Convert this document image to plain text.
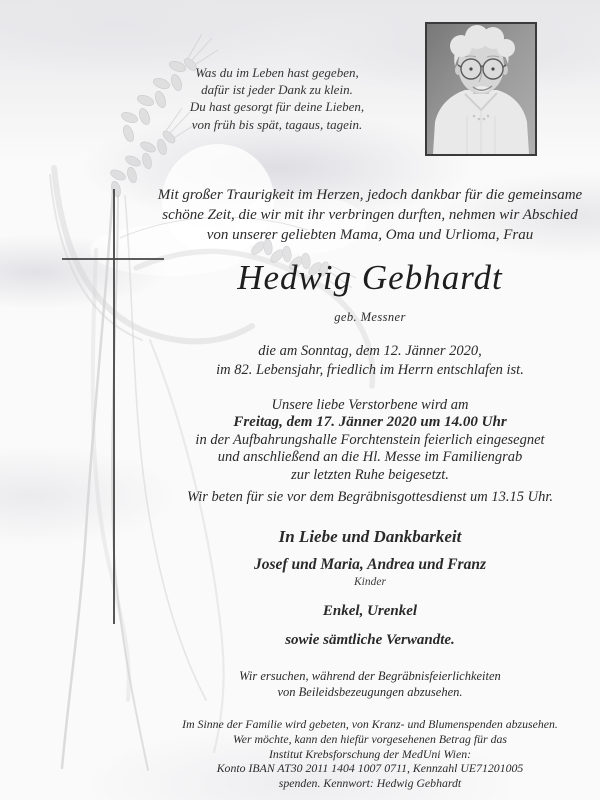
Was du im Leben hast gegeben,
dafür ist jeder Dank zu klein.
Du hast gesorgt für deine Lieben,
von früh bis spät, tagaus, tagein.
Mit großer Traurigkeit im Herzen, jedoch dankbar für die gemeinsame
schöne Zeit, die wir mit ihr verbringen durften, nehmen wir Abschied
von unserer geliebten Mama, Oma und Urlioma, Frau
Hedwig Gebhardt
geb. Messner
die am Sonntag, dem 12. Jänner 2020,
im 82. Lebensjahr, friedlich im Herrn entschlafen ist.
Unsere liebe Verstorbene wird am
Freitag, dem 17. Jänner 2020 um 14.00 Uhr
in der Aufbahrungshalle Forchtenstein feierlich eingesegnet
und anschließend an die Hl. Messe im Familiengrab
zur letzten Ruhe beigesetzt.
Wir beten für sie vor dem Begräbnisgottesdienst um 13.15 Uhr.
In Liebe und Dankbarkeit
Josef und Maria, Andrea und Franz
Kinder
Enkel, Urenkel
sowie sämtliche Verwandte.
Wir ersuchen, während der Begräbnisfeierlichkeiten
von Beileidsbezeugungen abzusehen.
Im Sinne der Familie wird gebeten, von Kranz- und Blumenspenden abzusehen.
Wer möchte, kann den hiefür vorgesehenen Betrag für das
Institut Krebsforschung der MedUni Wien:
Konto IBAN AT30 2011 1404 1007 0711, Kennzahl UE71201005
spenden. Kennwort: Hedwig Gebhardt
